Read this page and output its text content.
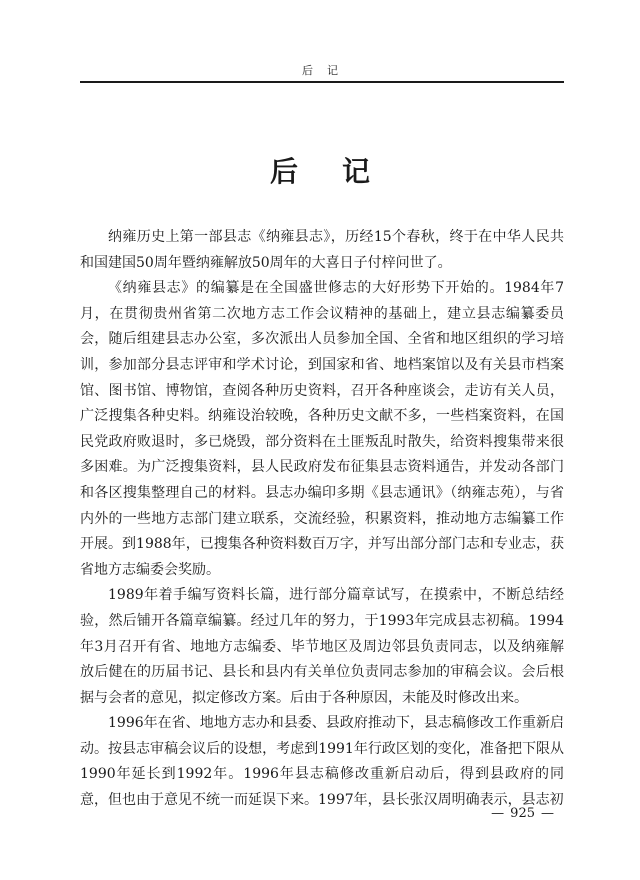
后记
后记

纳雍历史上第一部县志《纳雍县志》，历经15个春秋，终于在中华人民共和国建国50周年暨纳雍解放50周年的大喜日子付梓问世了。

《纳雍县志》的编纂是在全国盛世修志的大好形势下开始的。1984年7月，在贯彻贵州省第二次地方志工作会议精神的基础上，建立县志编纂委员会，随后组建县志办公室，多次派出人员参加全国、全省和地区组织的学习培训，参加部分县志评审和学术讨论，到国家和省、地档案馆以及有关县市档案馆、图书馆、博物馆，查阅各种历史资料，召开各种座谈会，走访有关人员，广泛搜集各种史料。纳雍设治较晚，各种历史文献不多，一些档案资料，在国民党政府败退时，多已烧毁，部分资料在土匪叛乱时散失，给资料搜集带来很多困难。为广泛搜集资料，县人民政府发布征集县志资料通告，并发动各部门和各区搜集整理自己的材料。县志办编印多期《县志通讯》（纳雍志苑），与省内外的一些地方志部门建立联系，交流经验，积累资料，推动地方志编纂工作开展。到1988年，已搜集各种资料数百万字，并写出部分部门志和专业志，获省地方志编委会奖励。

1989年着手编写资料长篇，进行部分篇章试写，在摸索中，不断总结经验，然后铺开各篇章编纂。经过几年的努力，于1993年完成县志初稿。1994年3月召开有省、地地方志编委、毕节地区及周边邻县负责同志，以及纳雍解放后健在的历届书记、县长和县内有关单位负责同志参加的审稿会议。会后根据与会者的意见，拟定修改方案。后由于各种原因，未能及时修改出来。

1996年在省、地地方志办和县委、县政府推动下，县志稿修改工作重新启动。按县志审稿会议后的设想，考虑到1991年行政区划的变化，准备把下限从1990年延长到1992年。1996年县志稿修改重新启动后，得到县政府的同意，但也由于意见不统一而延误下来。1997年，县长张汉周明确表示，县志初

— 925 —
